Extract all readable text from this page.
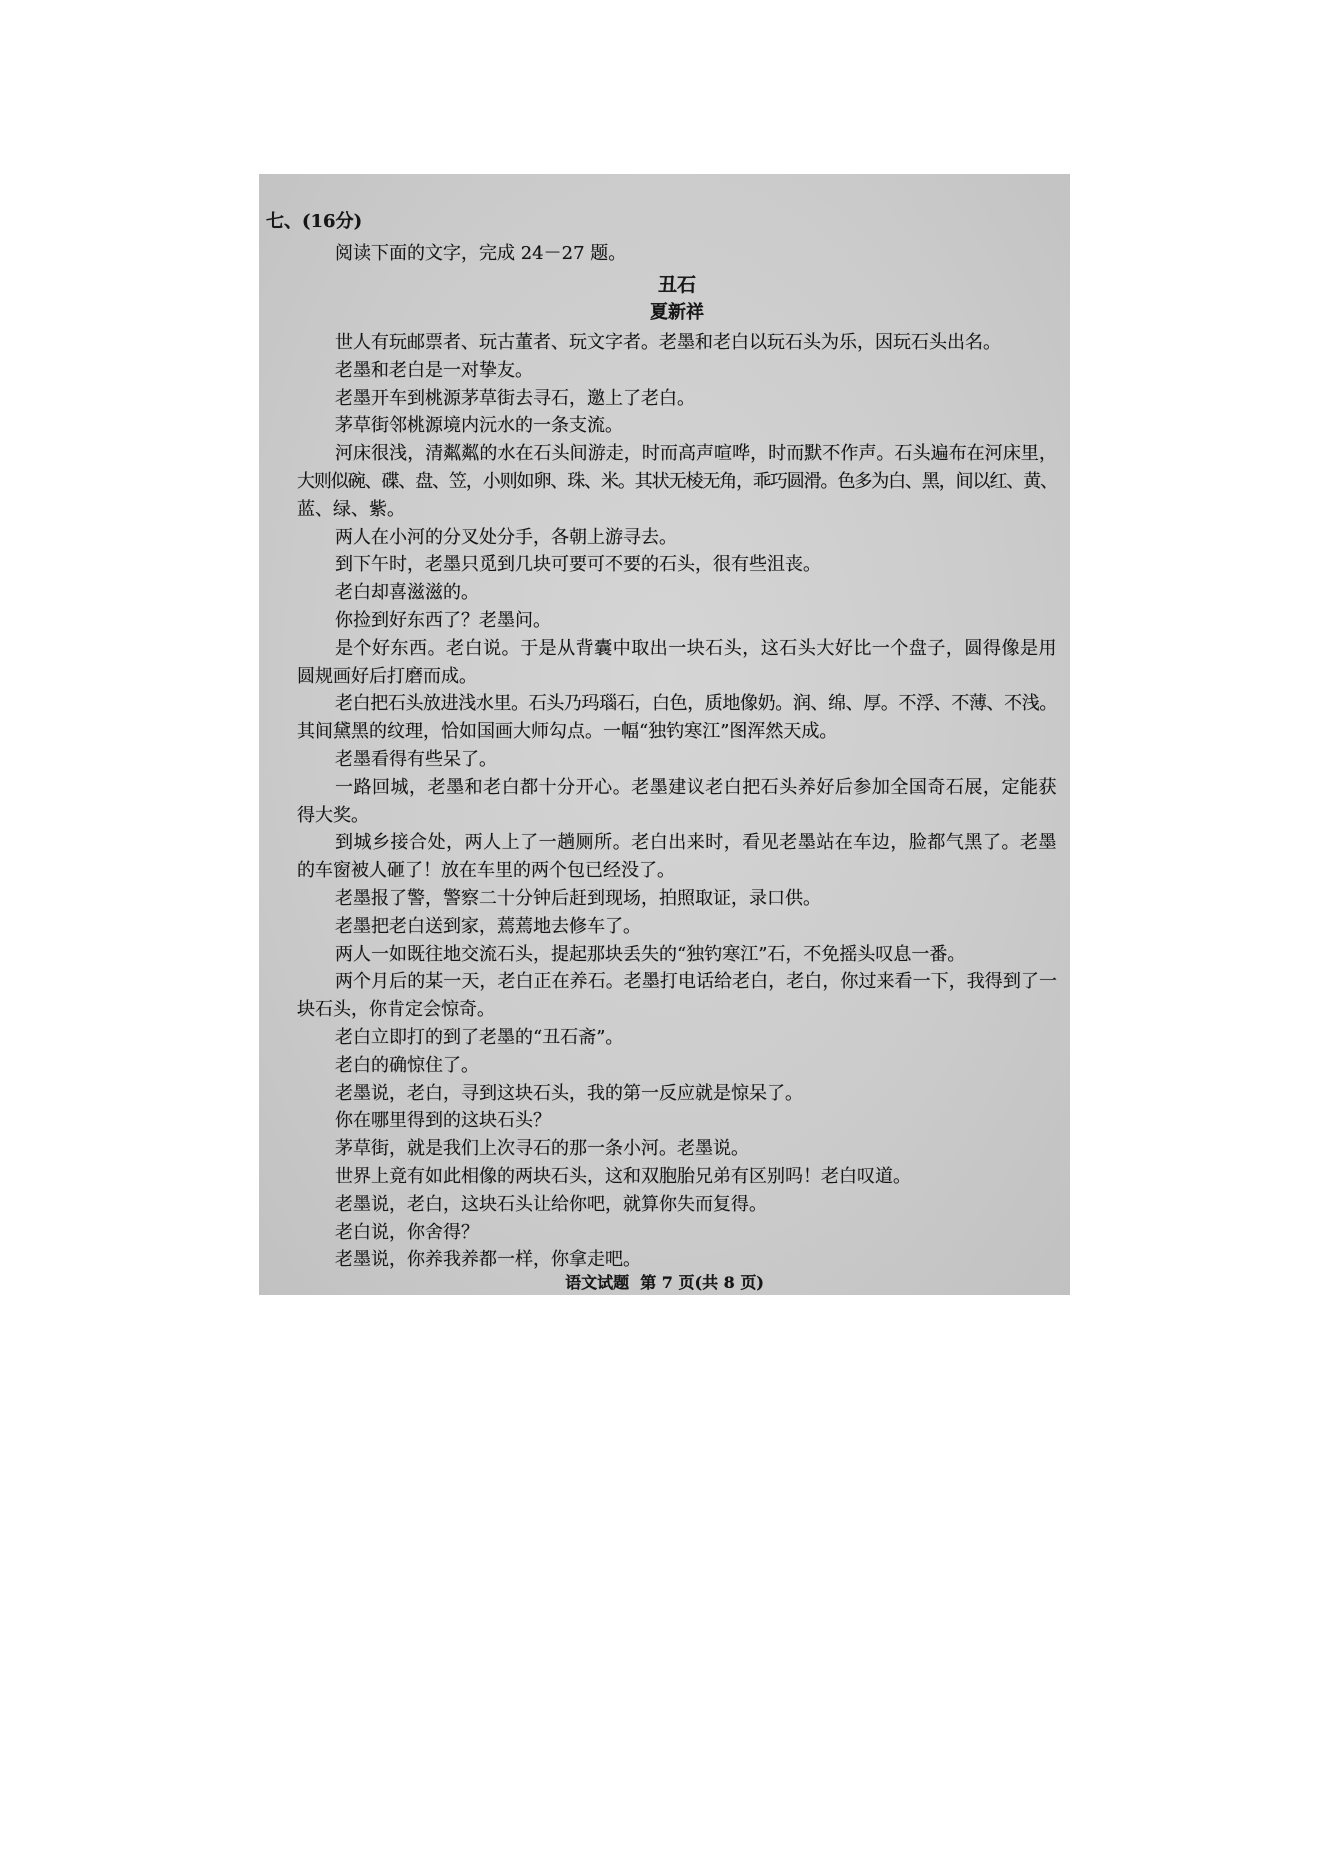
七、(16分)
阅读下面的文字，完成 24－27 题。
丑石
夏新祥
世人有玩邮票者、玩古董者、玩文字者。老墨和老白以玩石头为乐，因玩石头出名。
老墨和老白是一对挚友。
老墨开车到桃源茅草街去寻石，邀上了老白。
茅草街邻桃源境内沅水的一条支流。
河床很浅，清粼粼的水在石头间游走，时而高声喧哗，时而默不作声。石头遍布在河床里，
大则似碗、碟、盘、笠，小则如卵、珠、米。其状无棱无角，乖巧圆滑。色多为白、黑，间以红、黄、
蓝、绿、紫。
两人在小河的分叉处分手，各朝上游寻去。
到下午时，老墨只觅到几块可要可不要的石头，很有些沮丧。
老白却喜滋滋的。
你捡到好东西了？老墨问。
是个好东西。老白说。于是从背囊中取出一块石头，这石头大好比一个盘子，圆得像是用
圆规画好后打磨而成。
老白把石头放进浅水里。石头乃玛瑙石，白色，质地像奶。润、绵、厚。不浮、不薄、不浅。
其间黛黑的纹理，恰如国画大师勾点。一幅“独钓寒江”图浑然天成。
老墨看得有些呆了。
一路回城，老墨和老白都十分开心。老墨建议老白把石头养好后参加全国奇石展，定能获
得大奖。
到城乡接合处，两人上了一趟厕所。老白出来时，看见老墨站在车边，脸都气黑了。老墨
的车窗被人砸了！放在车里的两个包已经没了。
老墨报了警，警察二十分钟后赶到现场，拍照取证，录口供。
老墨把老白送到家，蔫蔫地去修车了。
两人一如既往地交流石头，提起那块丢失的“独钓寒江”石，不免摇头叹息一番。
两个月后的某一天，老白正在养石。老墨打电话给老白，老白，你过来看一下，我得到了一
块石头，你肯定会惊奇。
老白立即打的到了老墨的“丑石斋”。
老白的确惊住了。
老墨说，老白，寻到这块石头，我的第一反应就是惊呆了。
你在哪里得到的这块石头？
茅草街，就是我们上次寻石的那一条小河。老墨说。
世界上竟有如此相像的两块石头，这和双胞胎兄弟有区别吗！老白叹道。
老墨说，老白，这块石头让给你吧，就算你失而复得。
老白说，你舍得？
老墨说，你养我养都一样，你拿走吧。
语文试题  第 7 页(共 8 页)
